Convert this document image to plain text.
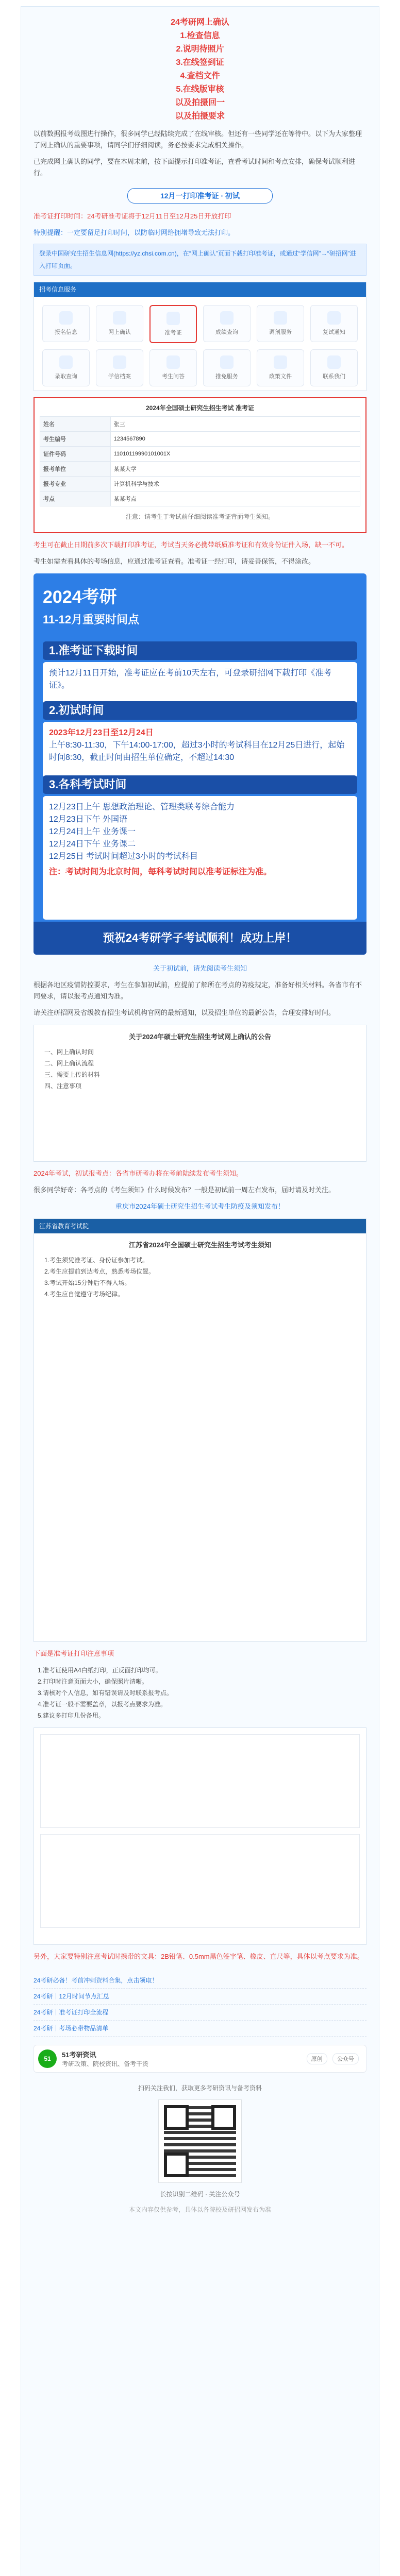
24考研网上确认
1.检查信息
2.说明待照片
3.在线签到证
4.查档文件
5.在线版审核
以及拍摄回一
以及拍摄要求

以前数据报考截图进行操作，很多同学已经陆续完成了在线审核。但还有一些同学还在等待中。以下为大家整理了网上确认的重要事项，请同学们仔细阅读，务必按要求完成相关操作。

已完成网上确认的同学，要在本周末前，按下面提示打印准考证，查看考试时间和考点安排，确保考试顺利进行。

12月一打印准考证 · 初试

准考证打印时间：24考研准考证将于12月11日至12月25日开放打印

特别提醒：一定要留足打印时间，以防临时网络拥堵导致无法打印。

登录中国研究生招生信息网(https://yz.chsi.com.cn)，在“网上确认”页面下载打印准考证，或通过“学信网”→“研招网”进入打印页面。
招考信息服务
报名信息	网上确认	准考证	成绩查询	调剂服务	复试通知
录取查询	学信档案	考生问答	推免服务	政策文件	联系我们
2024年全国硕士研究生招生考试 准考证
姓名	张三
考生编号	1234567890
证件号码	11010119990101001X
报考单位	某某大学
报考专业	计算机科学与技术
考点	某某考点
注意：请考生于考试前仔细阅读准考证背面考生须知。

考生可在截止日期前多次下载打印准考证，考试当天务必携带纸质准考证和有效身份证件入场，缺一不可。

考生如需查看具体的考场信息，应通过准考证查看。准考证一经打印，请妥善保管，不得涂改。

2024考研
11-12月重要时间点
1.准考证下载时间
预计12月11日开始，准考证应在考前10天左右，可登录研招网下载打印《准考证》。
2.初试时间
2023年12月23日至12月24日
上午8:30-11:30，下午14:00-17:00，超过3小时的考试科目在12月25日进行，起始时间8:30，截止时间由招生单位确定，不超过14:30
3.各科考试时间
12月23日上午 思想政治理论、管理类联考综合能力
12月23日下午 外国语
12月24日上午 业务课一
12月24日下午 业务课二
12月25日 考试时间超过3小时的考试科目
注：考试时间为北京时间，每科考试时间以准考证标注为准。
预祝24考研学子考试顺利！成功上岸！

关于初试前，请先阅读考生须知

根据各地区疫情防控要求，考生在参加初试前，应提前了解所在考点的防疫规定，准备好相关材料。各省市有不同要求，请以报考点通知为准。

请关注研招网及省级教育招生考试机构官网的最新通知，以及招生单位的最新公告，合理安排好时间。

关于2024年硕士研究生招生考试网上确认的公告
一、网上确认时间
二、网上确认流程
三、需要上传的材料
四、注意事项

2024年考试，初试报考点：各省市研考办将在考前陆续发布考生须知。

很多同学好奇：各考点的《考生须知》什么时候发布？一般是初试前一周左右发布，届时请及时关注。

重庆市2024年硕士研究生招生考试考生防疫及须知发布！

江苏省教育考试院
江苏省2024年全国硕士研究生招生考试考生须知
1.考生须凭准考证、身份证参加考试。
2.考生应提前到达考点，熟悉考场位置。
3.考试开始15分钟后不得入场。
4.考生应自觉遵守考场纪律。

下面是准考证打印注意事项

1.准考证使用A4白纸打印，正反面打印均可。
2.打印时注意页面大小，确保照片清晰。
3.请核对个人信息，如有错误请及时联系报考点。
4.准考证一般不需要盖章，以报考点要求为准。
5.建议多打印几份备用。

另外，大家要特别注意考试时携带的文具：2B铅笔、0.5mm黑色签字笔、橡皮、直尺等，具体以考点要求为准。

24考研必备！考前冲刺资料合集，点击领取！
24考研｜12月时间节点汇总
24考研｜准考证打印全流程
24考研｜考场必带物品清单
51	51考研资讯
考研政策、院校资讯、备考干货
原创	公众号
扫码关注我们，获取更多考研资讯与备考资料
长按识别二维码 · 关注公众号
本文内容仅供参考，具体以各院校及研招网发布为准
